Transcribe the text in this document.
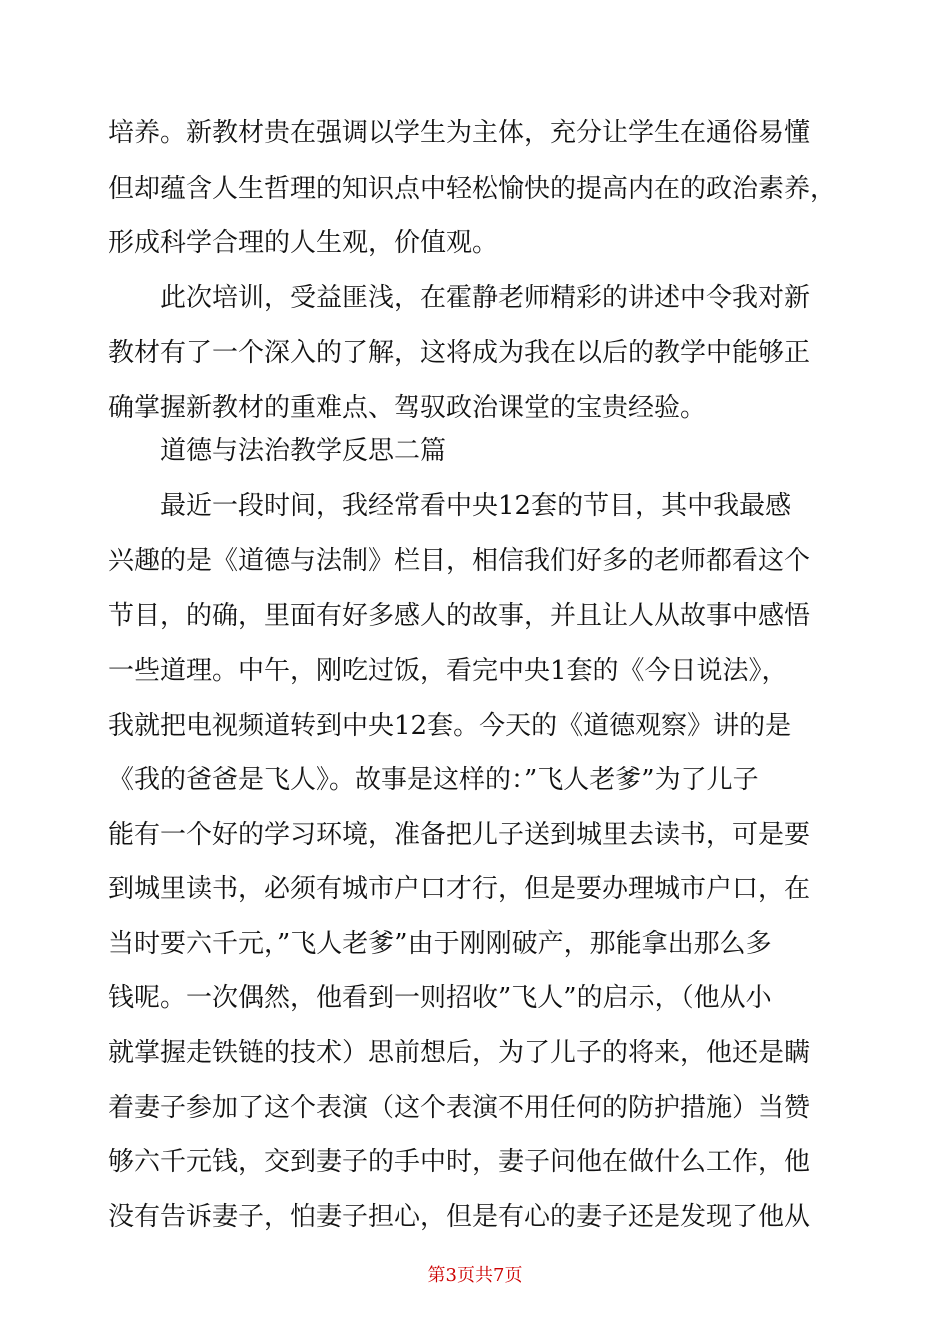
培养。新教材贵在强调以学生为主体，充分让学生在通俗易懂
但却蕴含人生哲理的知识点中轻松愉快的提高内在的政治素养，
形成科学合理的人生观，价值观。
此次培训，受益匪浅，在霍静老师精彩的讲述中令我对新
教材有了一个深入的了解，这将成为我在以后的教学中能够正
确掌握新教材的重难点、驾驭政治课堂的宝贵经验。
道德与法治教学反思二篇
最近一段时间，我经常看中央12套的节目，其中我最感
兴趣的是《道德与法制》栏目，相信我们好多的老师都看这个
节目，的确，里面有好多感人的故事，并且让人从故事中感悟
一些道理。中午，刚吃过饭，看完中央1套的《今日说法》，
我就把电视频道转到中央12套。今天的《道德观察》讲的是
《我的爸爸是飞人》。故事是这样的：”飞人老爹”为了儿子
能有一个好的学习环境，准备把儿子送到城里去读书，可是要
到城里读书，必须有城市户口才行，但是要办理城市户口，在
当时要六千元，”飞人老爹”由于刚刚破产，那能拿出那么多
钱呢。一次偶然，他看到一则招收”飞人”的启示，（他从小
就掌握走铁链的技术）思前想后，为了儿子的将来，他还是瞒
着妻子参加了这个表演（这个表演不用任何的防护措施）当赞
够六千元钱，交到妻子的手中时，妻子问他在做什么工作，他
没有告诉妻子，怕妻子担心，但是有心的妻子还是发现了他从
第3页共7页
